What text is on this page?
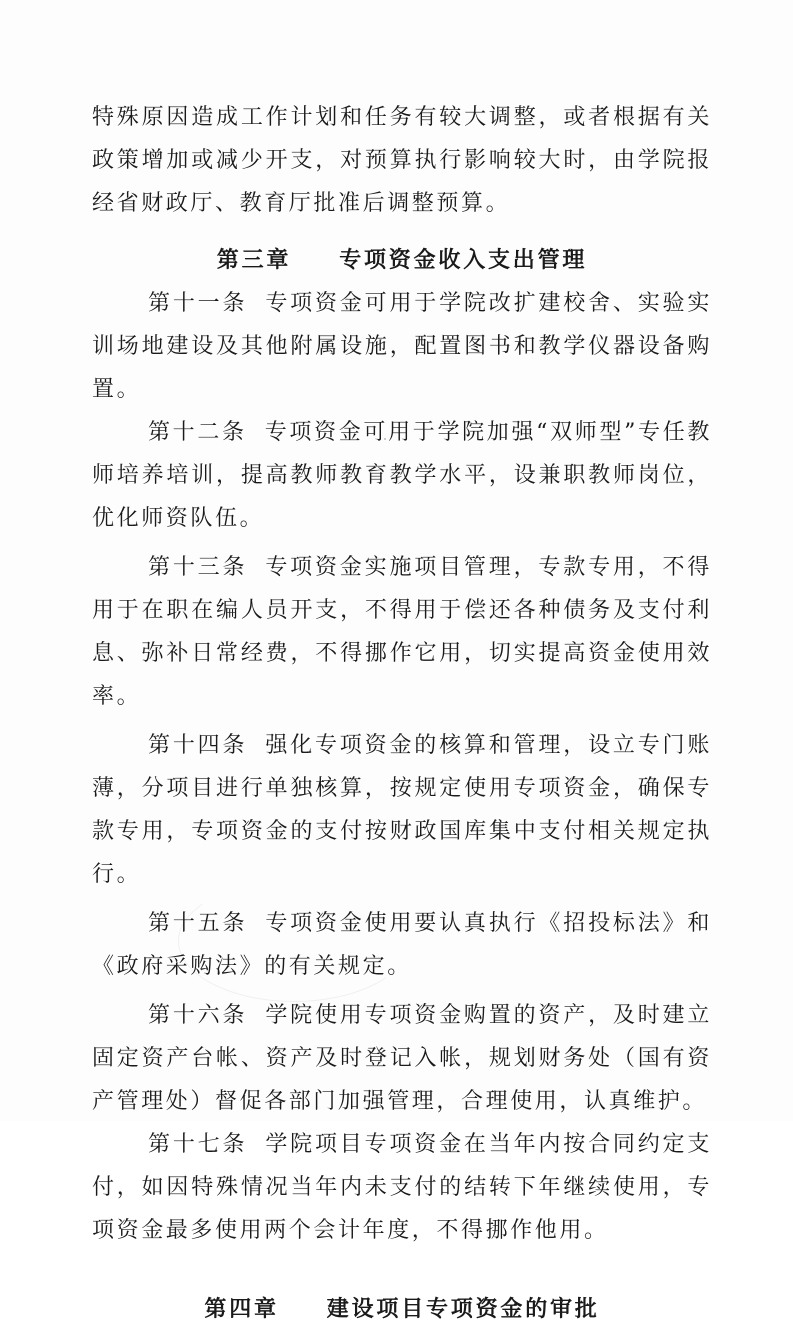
特殊原因造成工作计划和任务有较大调整，或者根据有关政策增加或减少开支，对预算执行影响较大时，由学院报经省财政厅、教育厅批准后调整预算。

第三章 专项资金收入支出管理

第十一条 专项资金可用于学院改扩建校舍、实验实训场地建设及其他附属设施，配置图书和教学仪器设备购置。

第十二条 专项资金可用于学院加强“双师型”专任教师培养培训，提高教师教育教学水平，设兼职教师岗位，优化师资队伍。

第十三条 专项资金实施项目管理，专款专用，不得用于在职在编人员开支，不得用于偿还各种债务及支付利息、弥补日常经费，不得挪作它用，切实提高资金使用效率。

第十四条 强化专项资金的核算和管理，设立专门账薄，分项目进行单独核算，按规定使用专项资金，确保专款专用，专项资金的支付按财政国库集中支付相关规定执行。

第十五条 专项资金使用要认真执行《招投标法》和《政府采购法》的有关规定。

第十六条 学院使用专项资金购置的资产，及时建立固定资产台帐、资产及时登记入帐，规划财务处（国有资产管理处）督促各部门加强管理，合理使用，认真维护。

第十七条 学院项目专项资金在当年内按合同约定支付，如因特殊情况当年内未支付的结转下年继续使用，专项资金最多使用两个会计年度，不得挪作他用。

第四章 建设项目专项资金的审批
